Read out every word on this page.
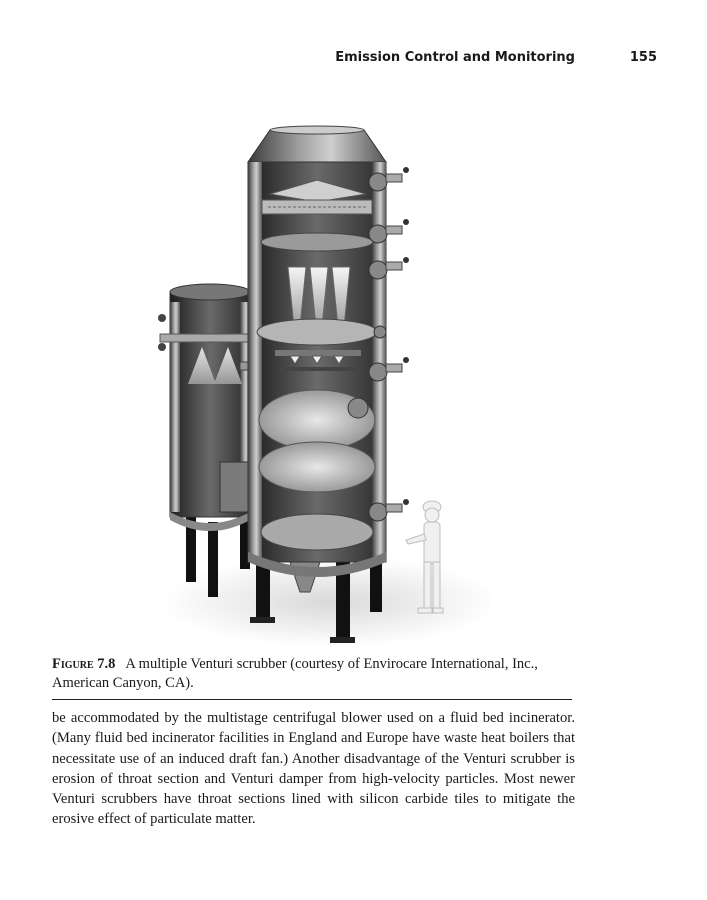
Emission Control and Monitoring	155
Figure 7.8 A multiple Venturi scrubber (courtesy of Envirocare International, Inc., American Canyon, CA).

be accommodated by the multistage centrifugal blower used on a fluid bed incinerator. (Many fluid bed incinerator facilities in England and Europe have waste heat boilers that necessitate use of an induced draft fan.) Another disadvantage of the Venturi scrubber is erosion of throat section and Venturi damper from high-velocity particles. Most newer Venturi scrubbers have throat sections lined with silicon carbide tiles to mitigate the erosive effect of particulate matter.
